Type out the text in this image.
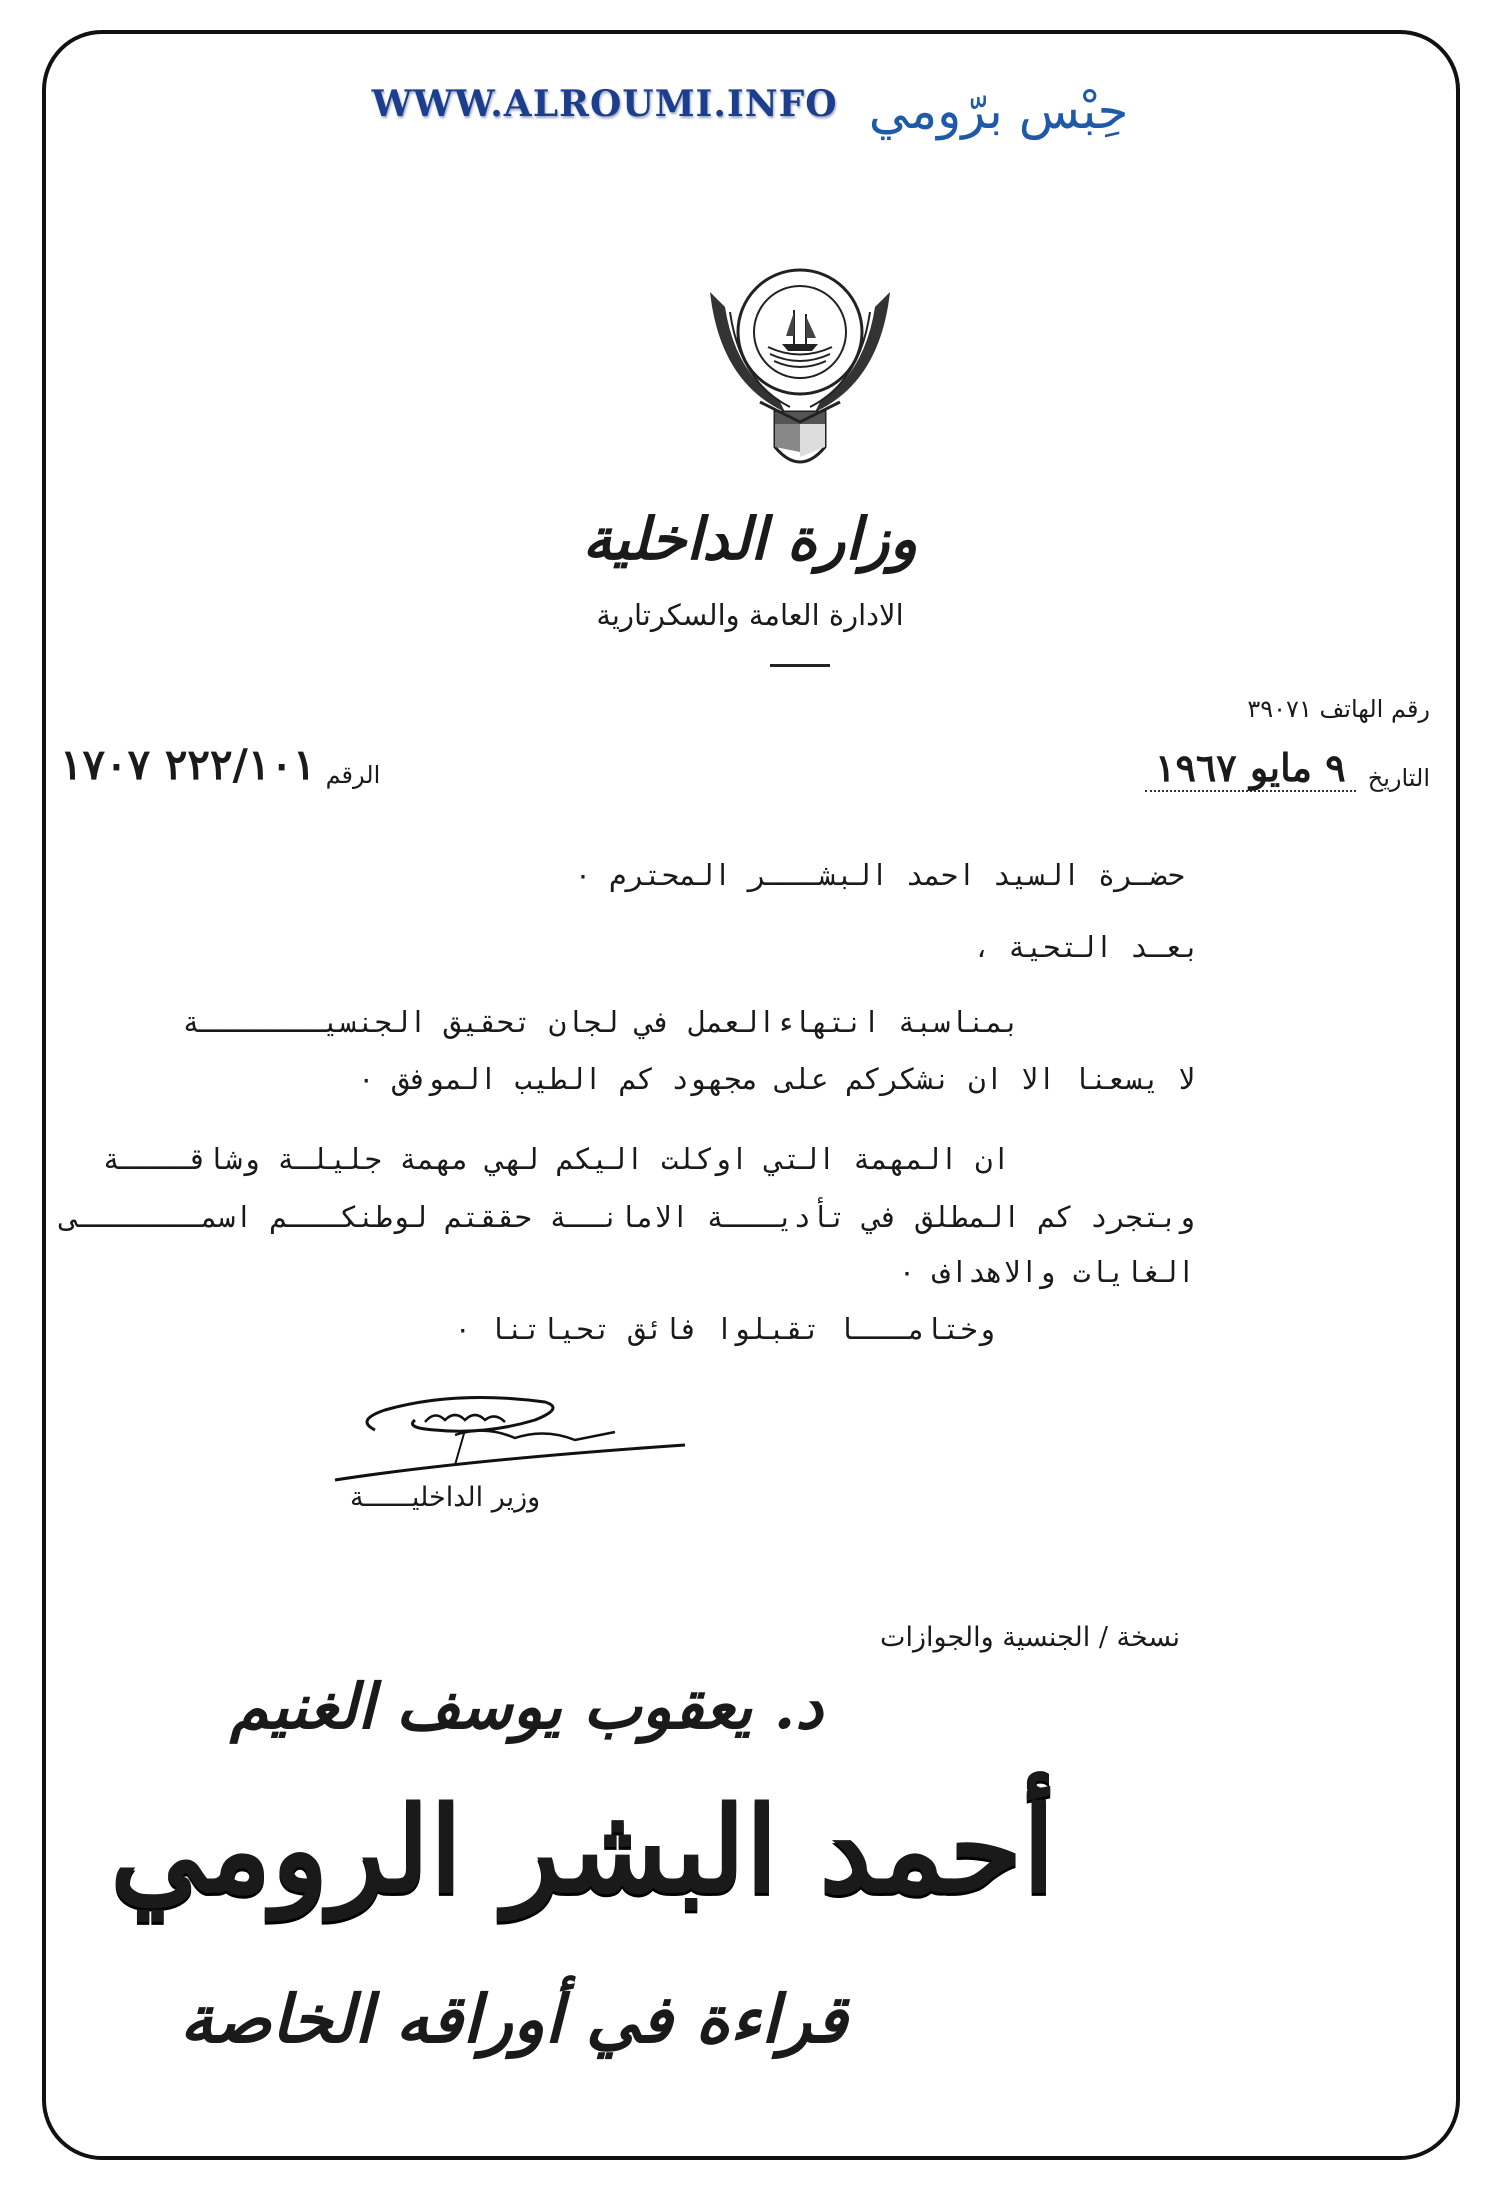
WWW.ALROUMI.INFO حِبْس برّومي
وزارة الداخلية
الادارة العامة والسكرتارية
رقم الهاتف ٣٩٠٧١
التاريخ
٩ مايو ١٩٦٧
الرقم
٢٢٢/١٠١ ١٧٠٧
حضـرة السيد احمد البشـــر المحترم ٠
بعـد التحية ،
بمناسبة انتهاءالعمل في لجان تحقيق الجنسيـــــــة
لا يسعنا الا ان نشكركم على مجهود كم الطيب الموفق ٠
ان المهمة التي اوكلت اليكم لهي مهمة جليلـة وشاقــــة
وبتجرد كم المطلق في تأديـــة الامانــة حققتم لوطنكـــم اسمـــــــى
الغايات والاهداف ٠
وختامـــا تقبلوا فائق تحياتنا ٠
وزير الداخليــــــة
نسخة / الجنسية والجوازات
د. يعقوب يوسف الغنيم
أحمد البشر الرومي
قراءة في أوراقه الخاصة
